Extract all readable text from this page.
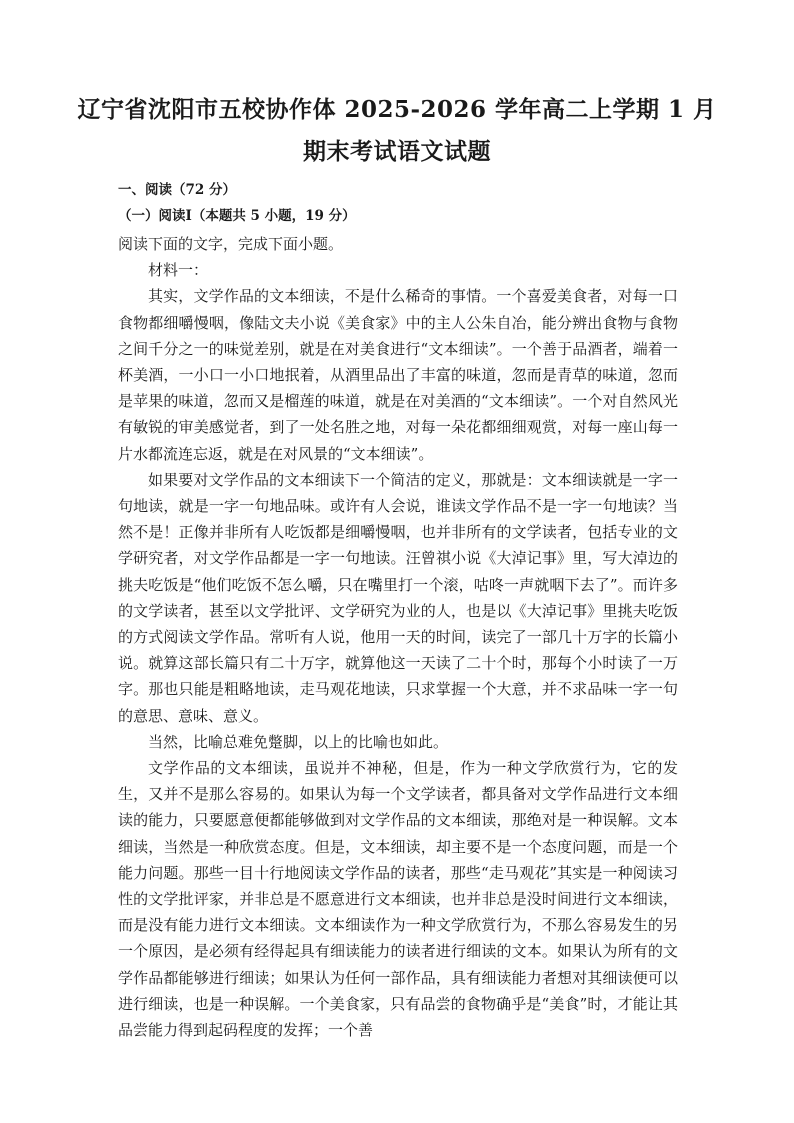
辽宁省沈阳市五校协作体 2025-2026 学年高二上学期 1 月
期末考试语文试题
一、阅读（72 分）
（一）阅读Ⅰ（本题共 5 小题，19 分）

阅读下面的文字，完成下面小题。

材料一：

其实，文学作品的文本细读，不是什么稀奇的事情。一个喜爱美食者，对每一口食物都细嚼慢咽，像陆文夫小说《美食家》中的主人公朱自冶，能分辨出食物与食物之间千分之一的味觉差别，就是在对美食进行“文本细读”。一个善于品酒者，端着一杯美酒，一小口一小口地抿着，从酒里品出了丰富的味道，忽而是青草的味道，忽而是苹果的味道，忽而又是榴莲的味道，就是在对美酒的“文本细读”。一个对自然风光有敏锐的审美感觉者，到了一处名胜之地，对每一朵花都细细观赏，对每一座山每一片水都流连忘返，就是在对风景的“文本细读”。

如果要对文学作品的文本细读下一个简洁的定义，那就是：文本细读就是一字一句地读，就是一字一句地品味。或许有人会说，谁读文学作品不是一字一句地读？当然不是！正像并非所有人吃饭都是细嚼慢咽，也并非所有的文学读者，包括专业的文学研究者，对文学作品都是一字一句地读。汪曾祺小说《大淖记事》里，写大淖边的挑夫吃饭是“他们吃饭不怎么嚼，只在嘴里打一个滚，咕咚一声就咽下去了”。而许多的文学读者，甚至以文学批评、文学研究为业的人，也是以《大淖记事》里挑夫吃饭的方式阅读文学作品。常听有人说，他用一天的时间，读完了一部几十万字的长篇小说。就算这部长篇只有二十万字，就算他这一天读了二十个时，那每个小时读了一万字。那也只能是粗略地读，走马观花地读，只求掌握一个大意，并不求品味一字一句的意思、意味、意义。

当然，比喻总难免蹩脚，以上的比喻也如此。

文学作品的文本细读，虽说并不神秘，但是，作为一种文学欣赏行为，它的发生，又并不是那么容易的。如果认为每一个文学读者，都具备对文学作品进行文本细读的能力，只要愿意便都能够做到对文学作品的文本细读，那绝对是一种误解。文本细读，当然是一种欣赏态度。但是，文本细读，却主要不是一个态度问题，而是一个能力问题。那些一目十行地阅读文学作品的读者，那些“走马观花”其实是一种阅读习性的文学批评家，并非总是不愿意进行文本细读，也并非总是没时间进行文本细读，而是没有能力进行文本细读。文本细读作为一种文学欣赏行为，不那么容易发生的另一个原因，是必须有经得起具有细读能力的读者进行细读的文本。如果认为所有的文学作品都能够进行细读；如果认为任何一部作品，具有细读能力者想对其细读便可以进行细读，也是一种误解。一个美食家，只有品尝的食物确乎是“美食”时，才能让其品尝能力得到起码程度的发挥；一个善
